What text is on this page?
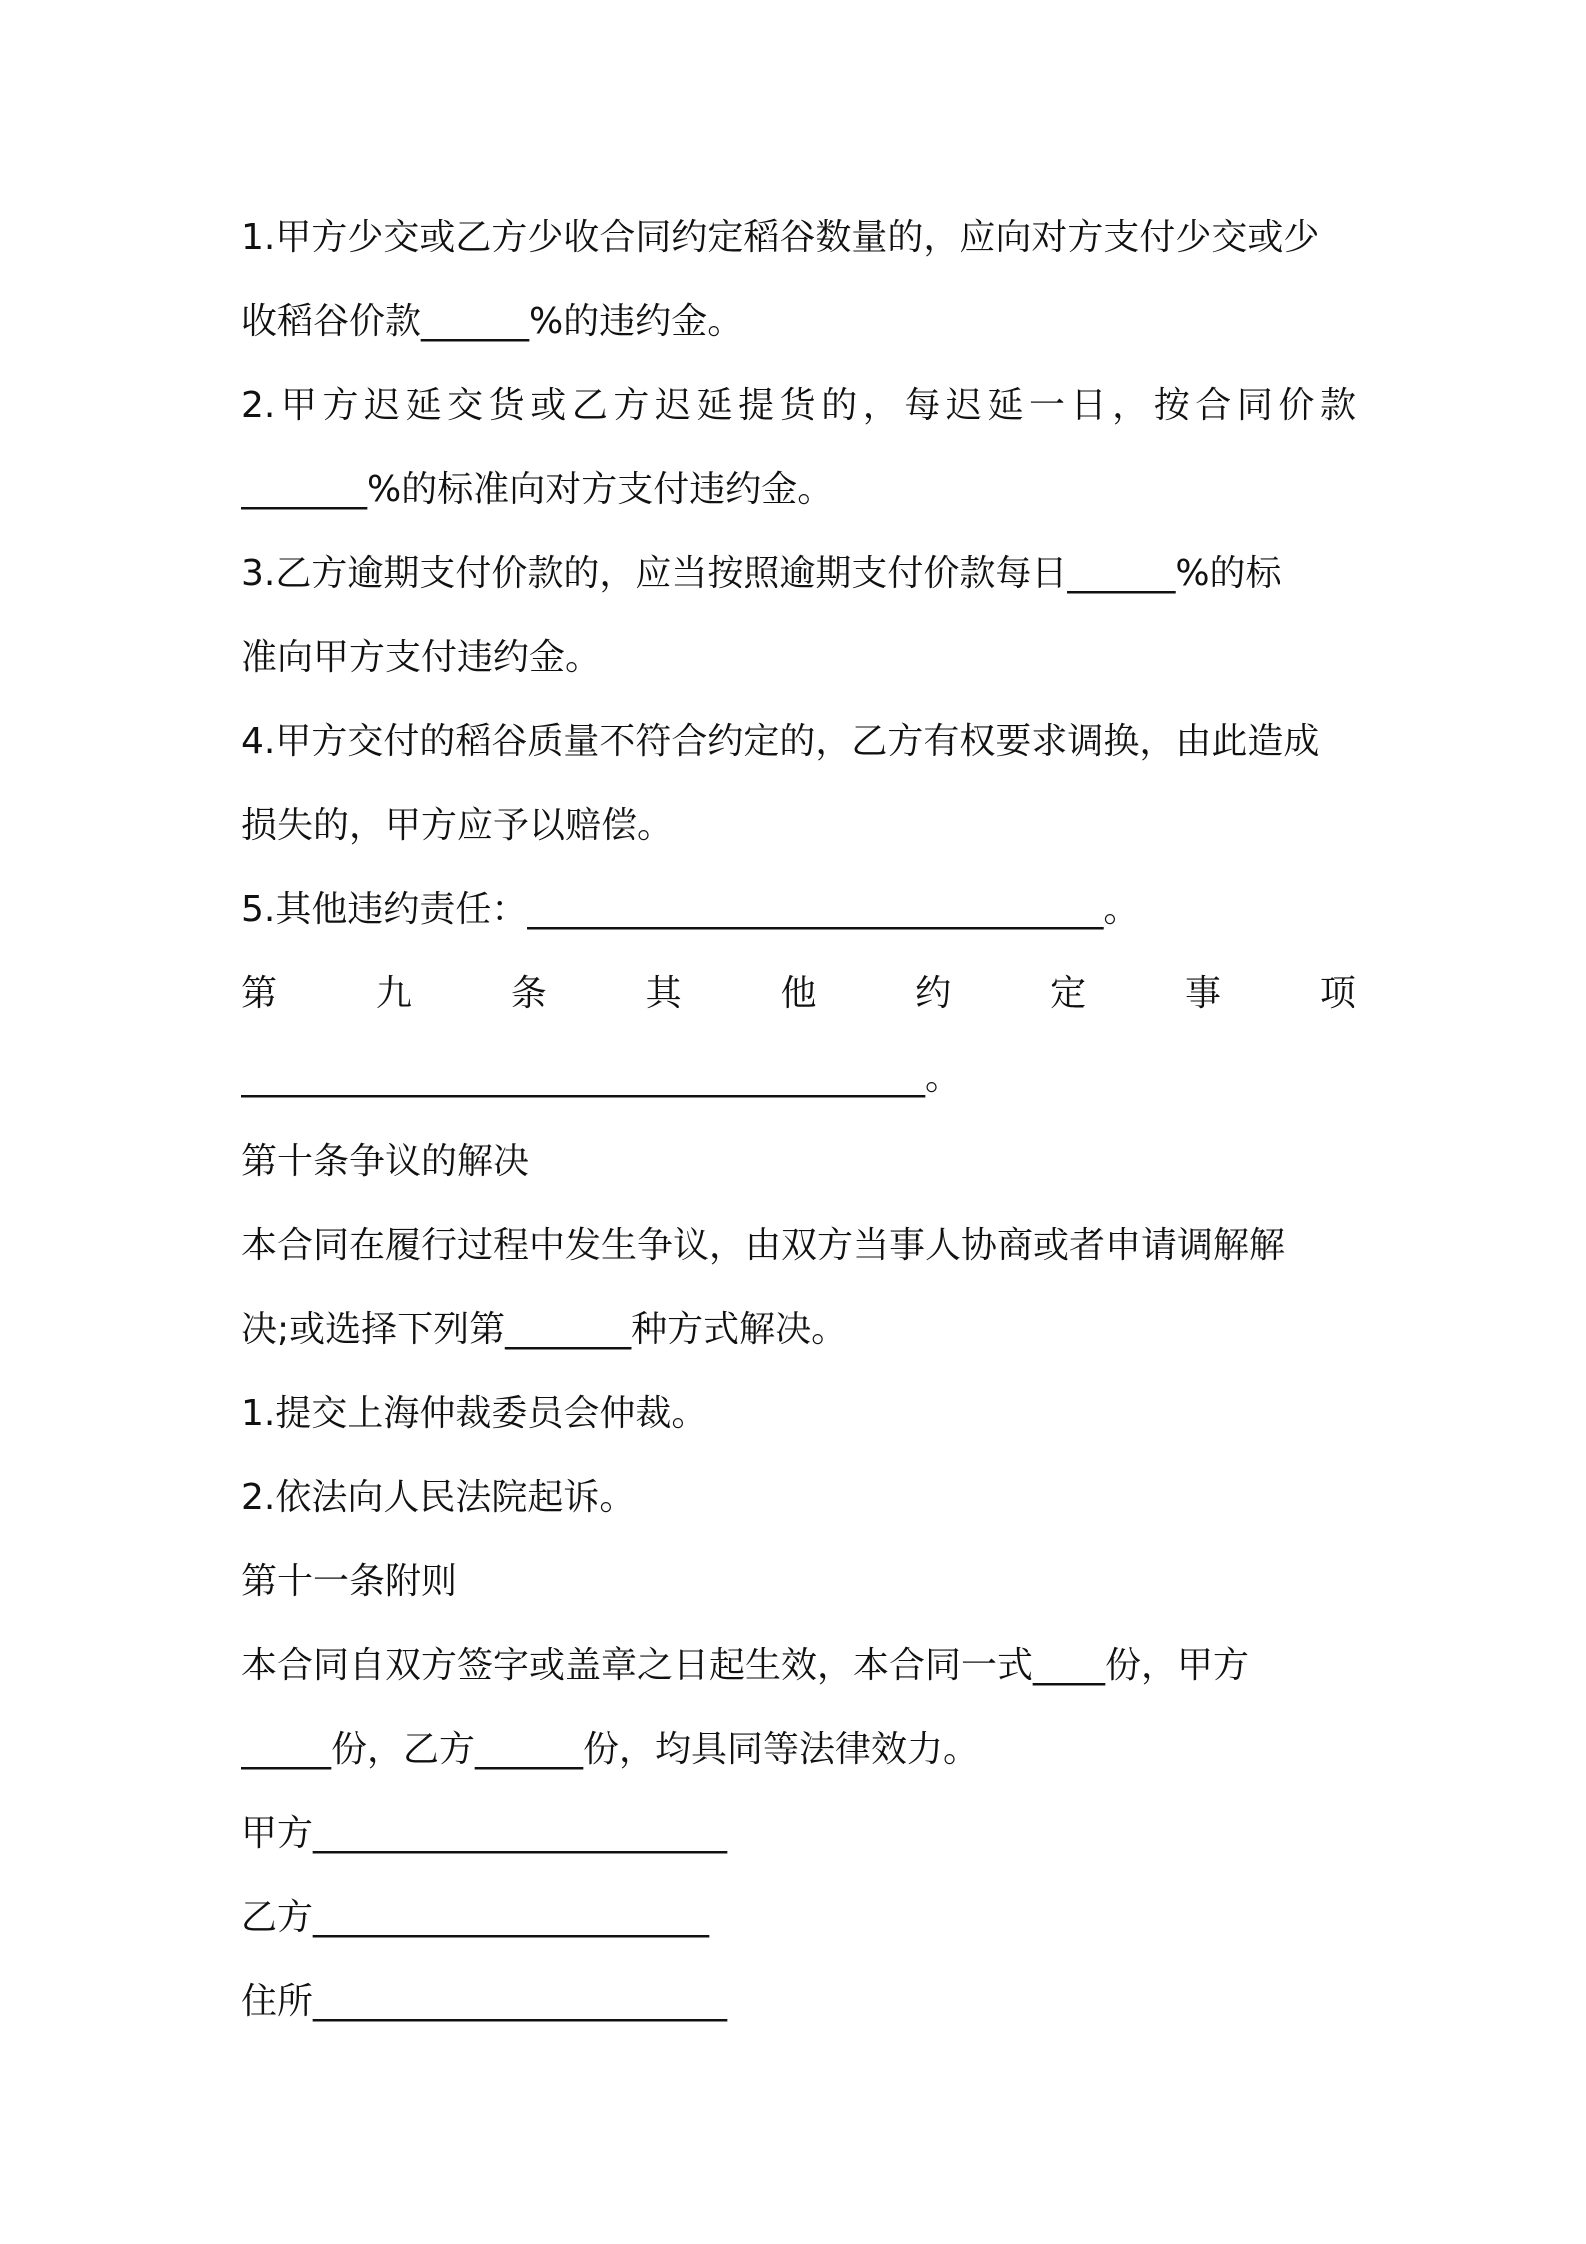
1.甲方少交或乙方少收合同约定稻谷数量的，应向对方支付少交或少
收稻谷价款______%的违约金。
2.甲方迟延交货或乙方迟延提货的，每迟延一日，按合同价款
_______%的标准向对方支付违约金。
3.乙方逾期支付价款的，应当按照逾期支付价款每日______%的标
准向甲方支付违约金。
4.甲方交付的稻谷质量不符合约定的，乙方有权要求调换，由此造成
损失的，甲方应予以赔偿。
5.其他违约责任：________________________________。
第	九	条	其	他	约	定	事	项
______________________________________。
第十条争议的解决
本合同在履行过程中发生争议，由双方当事人协商或者申请调解解
决;或选择下列第_______种方式解决。
1.提交上海仲裁委员会仲裁。
2.依法向人民法院起诉。
第十一条附则
本合同自双方签字或盖章之日起生效，本合同一式____份，甲方
_____份，乙方______份，均具同等法律效力。
甲方_______________________
乙方______________________
住所_______________________
